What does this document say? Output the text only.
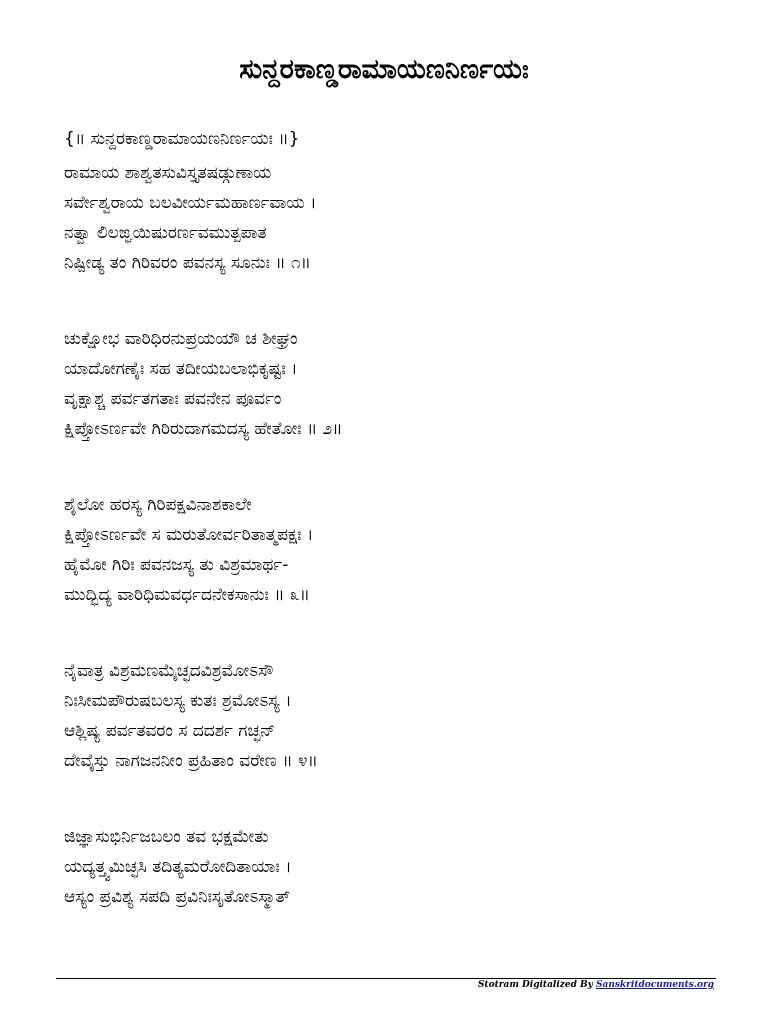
ಸುನ್ದರಕಾಣ್ಡರಾಮಾಯಣನಿರ್ಣಯಃ
{॥ ಸುನ್ದರಕಾಣ್ಡರಾಮಾಯಣನಿರ್ಣಯಃ ॥}
ರಾಮಾಯ ಶಾಶ್ವತಸುವಿಸ್ತೃತಷಡ್ಗುಣಾಯ
ಸರ್ವೇಶ್ವರಾಯ ಬಲವೀರ್ಯಮಹಾರ್ಣವಾಯ ।
ನತ್ವಾ ಲಿಲಙ್ಘಯಿಷುರರ್ಣವಮುತ್ಪಪಾತ
ನಿಷ್ಪೀಡ್ಯ ತಂ ಗಿರಿವರಂ ಪವನಸ್ಯ ಸೂನುಃ ॥ ೧॥
ಚುಕ್ಷೋಭ ವಾರಿಧಿರನುಪ್ರಯಯೌ ಚ ಶೀಘ್ರಂ
ಯಾದೋಗಣೈಃ ಸಹ ತದೀಯಬಲಾಭಿಕೃಷ್ಟಃ ।
ವೃಕ್ಷಾಶ್ಚ ಪರ್ವತಗತಾಃ ಪವನೇನ ಪೂರ್ವಂ
ಕ್ಷಿಪ್ತೋಽರ್ಣವೇ ಗಿರಿರುದಾಗಮದಸ್ಯ ಹೇತೋಃ ॥ ೨॥
ಶೈಲೋ ಹರಸ್ಯ ಗಿರಿಪಕ್ಷವಿನಾಶಕಾಲೇ
ಕ್ಷಿಪ್ತೋಽರ್ಣವೇ ಸ ಮರುತೋರ್ವರಿತಾತ್ಮಪಕ್ಷಃ ।
ಹೈಮೋ ಗಿರಿಃ ಪವನಜಸ್ಯ ತು ವಿಶ್ರಮಾರ್ಥ-
ಮುದ್ಭಿದ್ಯ ವಾರಿಧಿಮವರ್ಧದನೇಕಸಾನುಃ ॥ ೩॥
ನೈವಾತ್ರ ವಿಶ್ರಮಣಮೈಚ್ಛದವಿಶ್ರಮೋಽಸೌ
ನಿಃಸೀಮಪೌರುಷಬಲಸ್ಯ ಕುತಃ ಶ್ರಮೋಽಸ್ಯ ।
ಆಶ್ಲಿಷ್ಯ ಪರ್ವತವರಂ ಸ ದದರ್ಶ ಗಚ್ಛನ್
ದೇವೈಸ್ತು ನಾಗಜನನೀಂ ಪ್ರಹಿತಾಂ ವರೇಣ ॥ ೪॥
ಜಿಜ್ಞಾಸುಭಿರ್ನಿಜಬಲಂ ತವ ಭಕ್ಷಮೇತು
ಯದ್ಯತ್ತ್ವಮಿಚ್ಛಸಿ ತದಿತ್ಯಮರೋದಿತಾಯಾಃ ।
ಆಸ್ಯಂ ಪ್ರವಿಶ್ಯ ಸಪದಿ ಪ್ರವಿನಿಃಸೃತೋಽಸ್ಮಾತ್
Stotram Digitalized By Sanskritdocuments.org
